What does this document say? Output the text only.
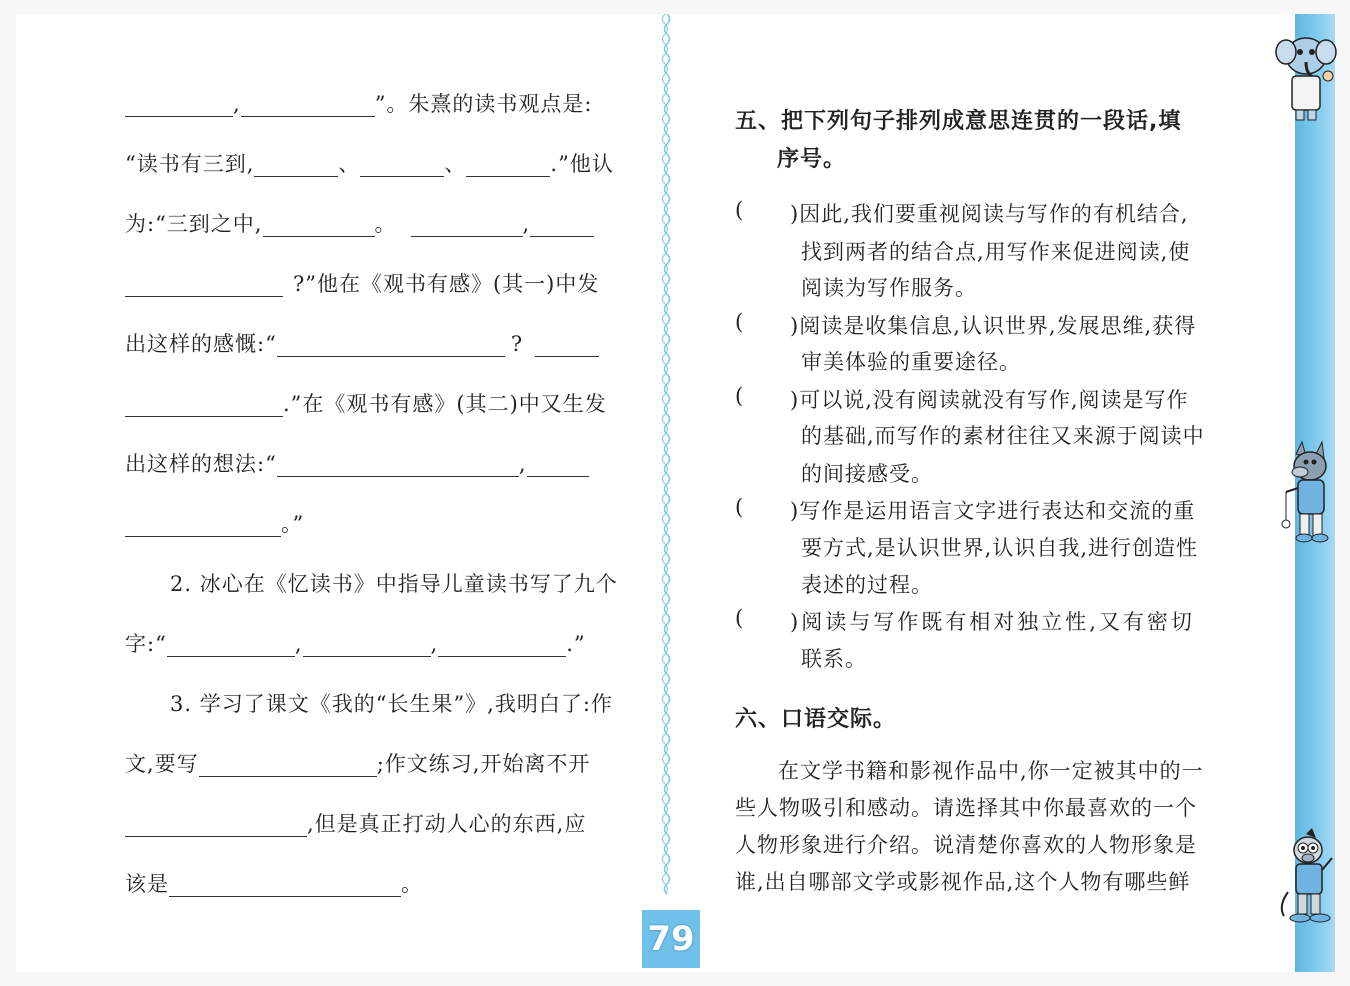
,	”。朱熹的读书观点是:
“读书有三到,	、	、	.”他认
为:“三到之中,	。	,
?”他在《观书有感》(其一)中发
出这样的感慨:“	?
.”在《观书有感》(其二)中又生发
出这样的想法:“	,
。”
2. 冰心在《忆读书》中指导儿童读书写了九个
字:“	,	,	.”
3. 学习了课文《我的“长生果”》,我明白了:作
文,要写	;作文练习,开始离不开
,但是真正打动人心的东西,应
该是	。
79
五、把下列句子排列成意思连贯的一段话,填
序号。
( )因此,我们要重视阅读与写作的有机结合,
找到两者的结合点,用写作来促进阅读,使
阅读为写作服务。
( )阅读是收集信息,认识世界,发展思维,获得
审美体验的重要途径。
( )可以说,没有阅读就没有写作,阅读是写作
的基础,而写作的素材往往又来源于阅读中
的间接感受。
( )写作是运用语言文字进行表达和交流的重
要方式,是认识世界,认识自我,进行创造性
表述的过程。
( )阅读与写作既有相对独立性,又有密切
联系。
六、口语交际。
在文学书籍和影视作品中,你一定被其中的一
些人物吸引和感动。请选择其中你最喜欢的一个
人物形象进行介绍。说清楚你喜欢的人物形象是
谁,出自哪部文学或影视作品,这个人物有哪些鲜
